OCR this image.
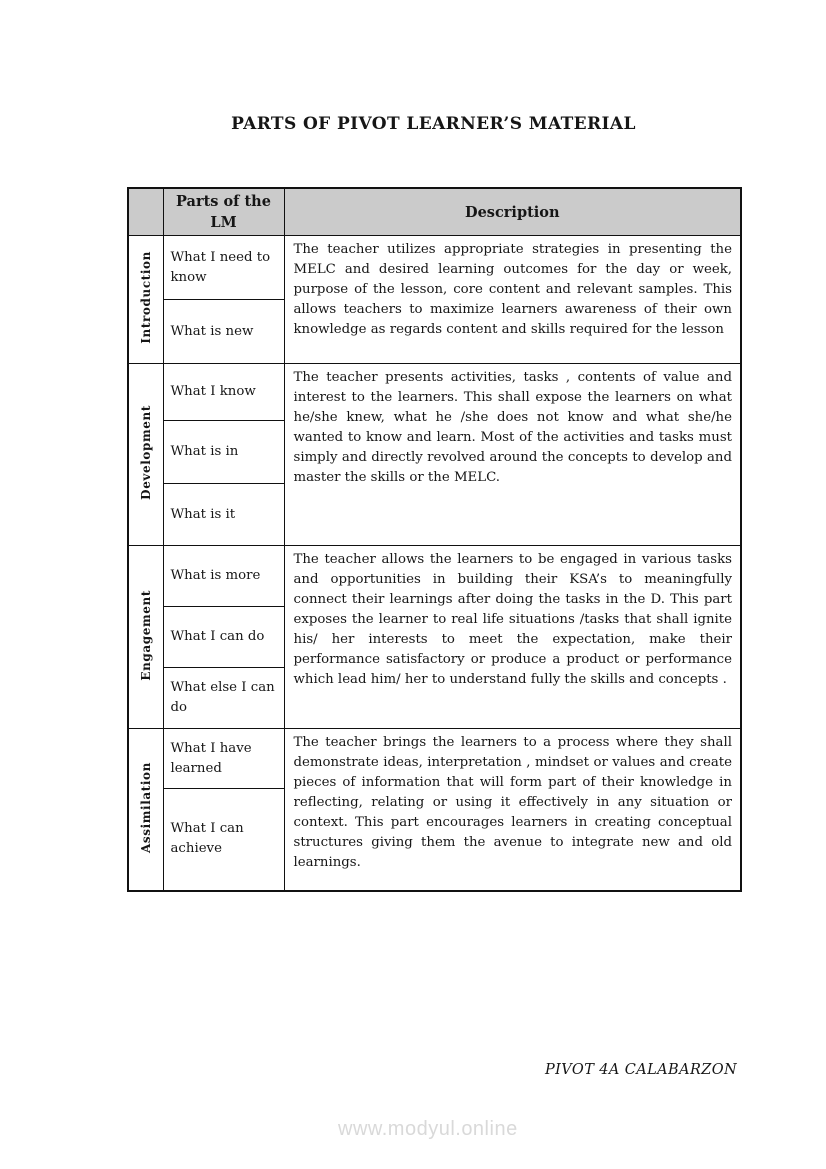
PARTS OF PIVOT LEARNER’S MATERIAL
	Parts of the LM	Description
Introduction	What I need to know	The teacher utilizes appropriate strategies in presenting the MELC and desired learning outcomes for the day or week, purpose of the lesson, core content and relevant samples. This allows teachers to maximize learners awareness of their own knowledge as regards content and skills required for the lesson
	What is new	
Development	What I know	The teacher presents activities, tasks , contents of value and interest to the learners. This shall expose the learners on what he/she knew, what he /she does not know and what she/he wanted to know and learn. Most of the activities and tasks must simply and directly revolved around the concepts to develop and master the skills or the MELC.
	What is in	
	What is it	
Engagement	What is more	The teacher allows the learners to be engaged in various tasks and opportunities in building their KSA’s to meaningfully connect their learnings after doing the tasks in the D. This part exposes the learner to real life situations /tasks that shall ignite his/ her interests to meet the expectation, make their performance satisfactory or produce a product or performance which lead him/ her to understand fully the skills and concepts .
	What I can do	
	What else I can do	
Assimilation	What I have learned	The teacher brings the learners to a process where they shall demonstrate ideas, interpretation , mindset or values and create pieces of information that will form part of their knowledge in reflecting, relating or using it effectively in any situation or context. This part encourages learners in creating conceptual structures giving them the avenue to integrate new and old learnings.
	What I can achieve	
PIVOT 4A CALABARZON
www.modyul.online
